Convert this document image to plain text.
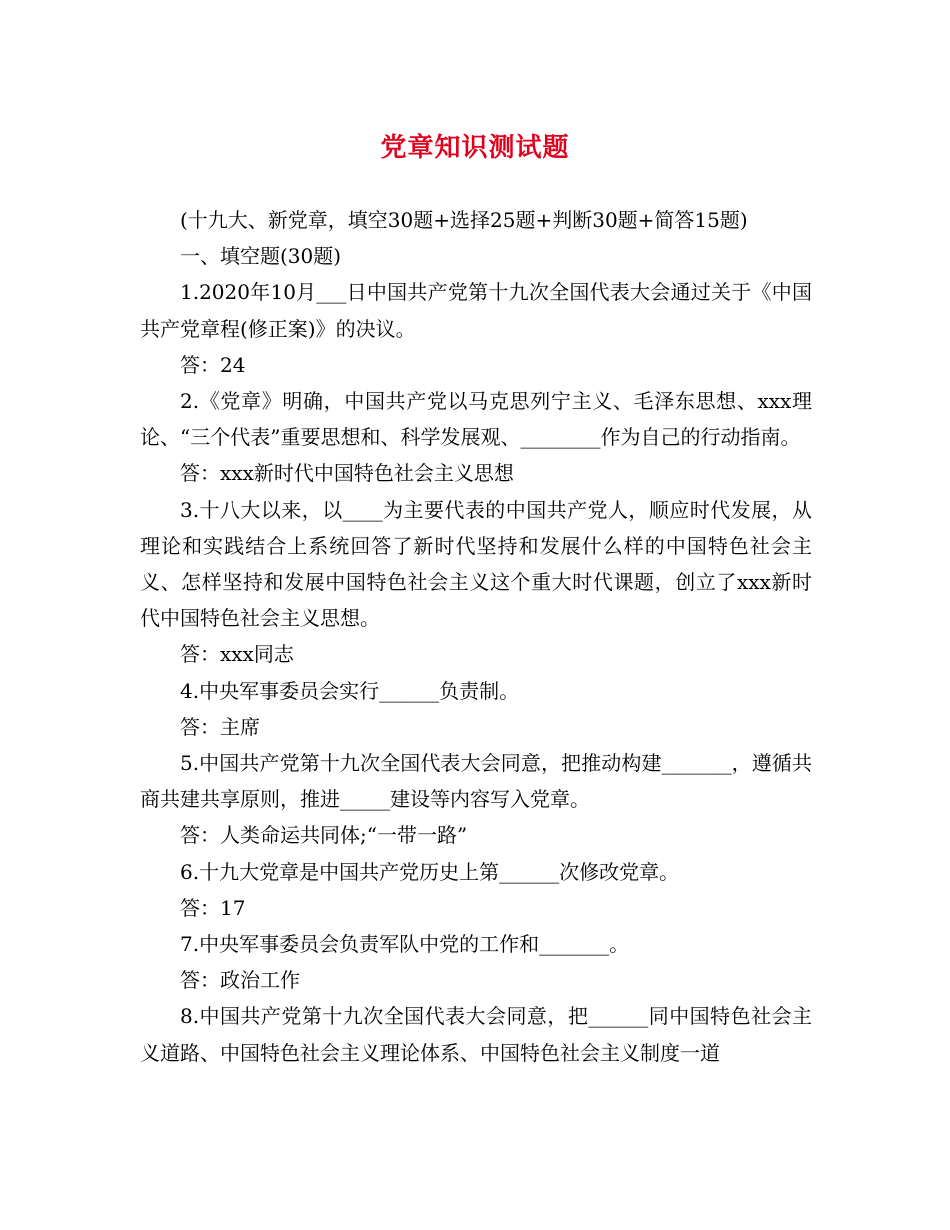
党章知识测试题

(十九大、新党章，填空30题+选择25题+判断30题+简答15题)

一、填空题(30题)

1.2020年10月___日中国共产党第十九次全国代表大会通过关于《中国共产党章程(修正案)》的决议。

答：24

2.《党章》明确，中国共产党以马克思列宁主义、毛泽东思想、xxx理论、“三个代表”重要思想和、科学发展观、________作为自己的行动指南。

答：xxx新时代中国特色社会主义思想

3.十八大以来，以____为主要代表的中国共产党人，顺应时代发展，从理论和实践结合上系统回答了新时代坚持和发展什么样的中国特色社会主义、怎样坚持和发展中国特色社会主义这个重大时代课题，创立了xxx新时代中国特色社会主义思想。

答：xxx同志

4.中央军事委员会实行______负责制。

答：主席

5.中国共产党第十九次全国代表大会同意，把推动构建_______，遵循共商共建共享原则，推进_____建设等内容写入党章。

答：人类命运共同体;“一带一路”

6.十九大党章是中国共产党历史上第______次修改党章。

答：17

7.中央军事委员会负责军队中党的工作和_______。

答：政治工作

8.中国共产党第十九次全国代表大会同意，把______同中国特色社会主义道路、中国特色社会主义理论体系、中国特色社会主义制度一道
